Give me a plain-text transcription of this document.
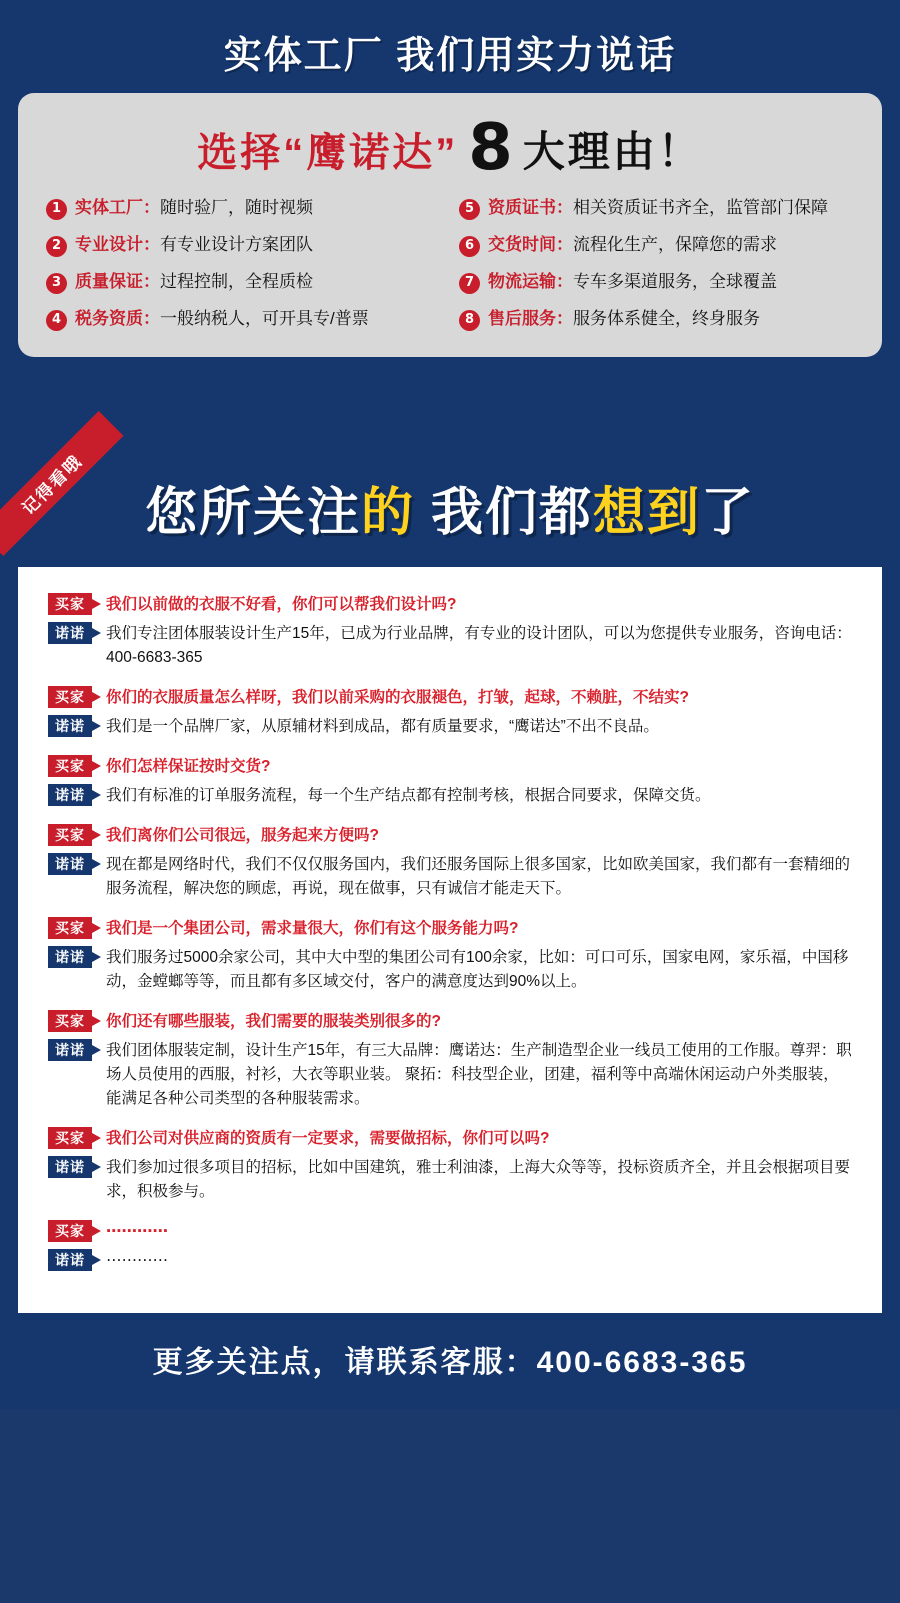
实体工厂 我们用实力说话
选择“鹰诺达” 8 大理由！
1 实体工厂：随时验厂，随时视频	5 资质证书：相关资质证书齐全，监管部门保障
2 专业设计：有专业设计方案团队	6 交货时间：流程化生产，保障您的需求
3 质量保证：过程控制，全程质检	7 物流运输：专车多渠道服务，全球覆盖
4 税务资质：一般纳税人，可开具专/普票	8 售后服务：服务体系健全，终身服务
记得看哦	您所关注的 我们都想到了
买家	我们以前做的衣服不好看，你们可以帮我们设计吗?
诺诺	我们专注团体服装设计生产15年，已成为行业品牌，有专业的设计团队，可以为您提供专业服务，咨询电话：400-6683-365
买家	你们的衣服质量怎么样呀，我们以前采购的衣服褪色，打皱，起球，不赖脏，不结实?
诺诺	我们是一个品牌厂家，从原辅材料到成品，都有质量要求，“鹰诺达”不出不良品。
买家	你们怎样保证按时交货?
诺诺	我们有标准的订单服务流程，每一个生产结点都有控制考核，根据合同要求，保障交货。
买家	我们离你们公司很远，服务起来方便吗?
诺诺	现在都是网络时代，我们不仅仅服务国内，我们还服务国际上很多国家，比如欧美国家，我们都有一套精细的服务流程，解决您的顾虑，再说，现在做事，只有诚信才能走天下。
买家	我们是一个集团公司，需求量很大，你们有这个服务能力吗?
诺诺	我们服务过5000余家公司，其中大中型的集团公司有100余家，比如：可口可乐，国家电网，家乐福，中国移动，金螳螂等等，而且都有多区域交付，客户的满意度达到90%以上。
买家	你们还有哪些服装，我们需要的服装类别很多的?
诺诺	我们团体服装定制，设计生产15年，有三大品牌：鹰诺达：生产制造型企业一线员工使用的工作服。尊羿：职场人员使用的西服，衬衫，大衣等职业装。 聚拓：科技型企业，团建，福利等中高端休闲运动户外类服装，能满足各种公司类型的各种服装需求。
买家	我们公司对供应商的资质有一定要求，需要做招标，你们可以吗?
诺诺	我们参加过很多项目的招标，比如中国建筑，雅士利油漆，上海大众等等，投标资质齐全，并且会根据项目要求，积极参与。
买家	⋯⋯⋯⋯
诺诺	⋯⋯⋯⋯
更多关注点，请联系客服：400-6683-365
